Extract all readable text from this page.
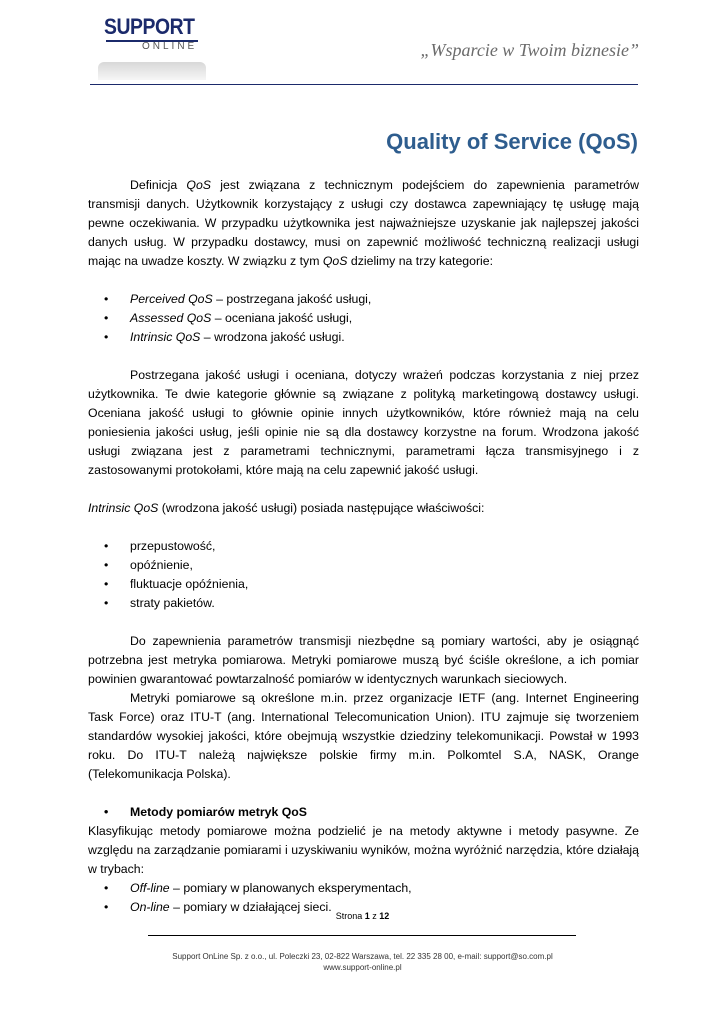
SUPPORT
ONLINE	„Wsparcie w Twoim biznesie”
Quality of Service (QoS)

Definicja QoS jest związana z technicznym podejściem do zapewnienia parametrów transmisji danych. Użytkownik korzystający z usługi czy dostawca zapewniający tę usługę mają pewne oczekiwania. W przypadku użytkownika jest najważniejsze uzyskanie jak najlepszej jakości danych usług. W przypadku dostawcy, musi on zapewnić możliwość techniczną realizacji usługi mając na uwadze koszty. W związku z tym QoS dzielimy na trzy kategorie:

• Perceived QoS – postrzegana jakość usługi,
• Assessed QoS – oceniana jakość usługi,
• Intrinsic QoS – wrodzona jakość usługi.

Postrzegana jakość usługi i oceniana, dotyczy wrażeń podczas korzystania z niej przez użytkownika. Te dwie kategorie głównie są związane z polityką marketingową dostawcy usługi. Oceniana jakość usługi to głównie opinie innych użytkowników, które również mają na celu poniesienia jakości usług, jeśli opinie nie są dla dostawcy korzystne na forum. Wrodzona jakość usługi związana jest z parametrami technicznymi, parametrami łącza transmisyjnego i z zastosowanymi protokołami, które mają na celu zapewnić jakość usługi.

Intrinsic QoS (wrodzona jakość usługi) posiada następujące właściwości:

• przepustowość,
• opóźnienie,
• fluktuacje opóźnienia,
• straty pakietów.

Do zapewnienia parametrów transmisji niezbędne są pomiary wartości, aby je osiągnąć potrzebna jest metryka pomiarowa. Metryki pomiarowe muszą być ściśle określone, a ich pomiar powinien gwarantować powtarzalność pomiarów w identycznych warunkach sieciowych.

Metryki pomiarowe są określone m.in. przez organizacje IETF (ang. Internet Engineering Task Force) oraz ITU-T (ang. International Telecomunication Union). ITU zajmuje się tworzeniem standardów wysokiej jakości, które obejmują wszystkie dziedziny telekomunikacji. Powstał w 1993 roku. Do ITU-T należą największe polskie firmy m.in. Polkomtel S.A, NASK, Orange (Telekomunikacja Polska).

• Metody pomiarów metryk QoS

Klasyfikując metody pomiarowe można podzielić je na metody aktywne i metody pasywne. Ze względu na zarządzanie pomiarami i uzyskiwaniu wyników, można wyróżnić narzędzia, które działają w trybach:

• Off-line – pomiary w planowanych eksperymentach,
• On-line – pomiary w działającej sieci.
Strona 1 z 12
Support OnLine Sp. z o.o., ul. Poleczki 23, 02-822 Warszawa, tel. 22 335 28 00, e-mail: support@so.com.pl
www.support-online.pl
